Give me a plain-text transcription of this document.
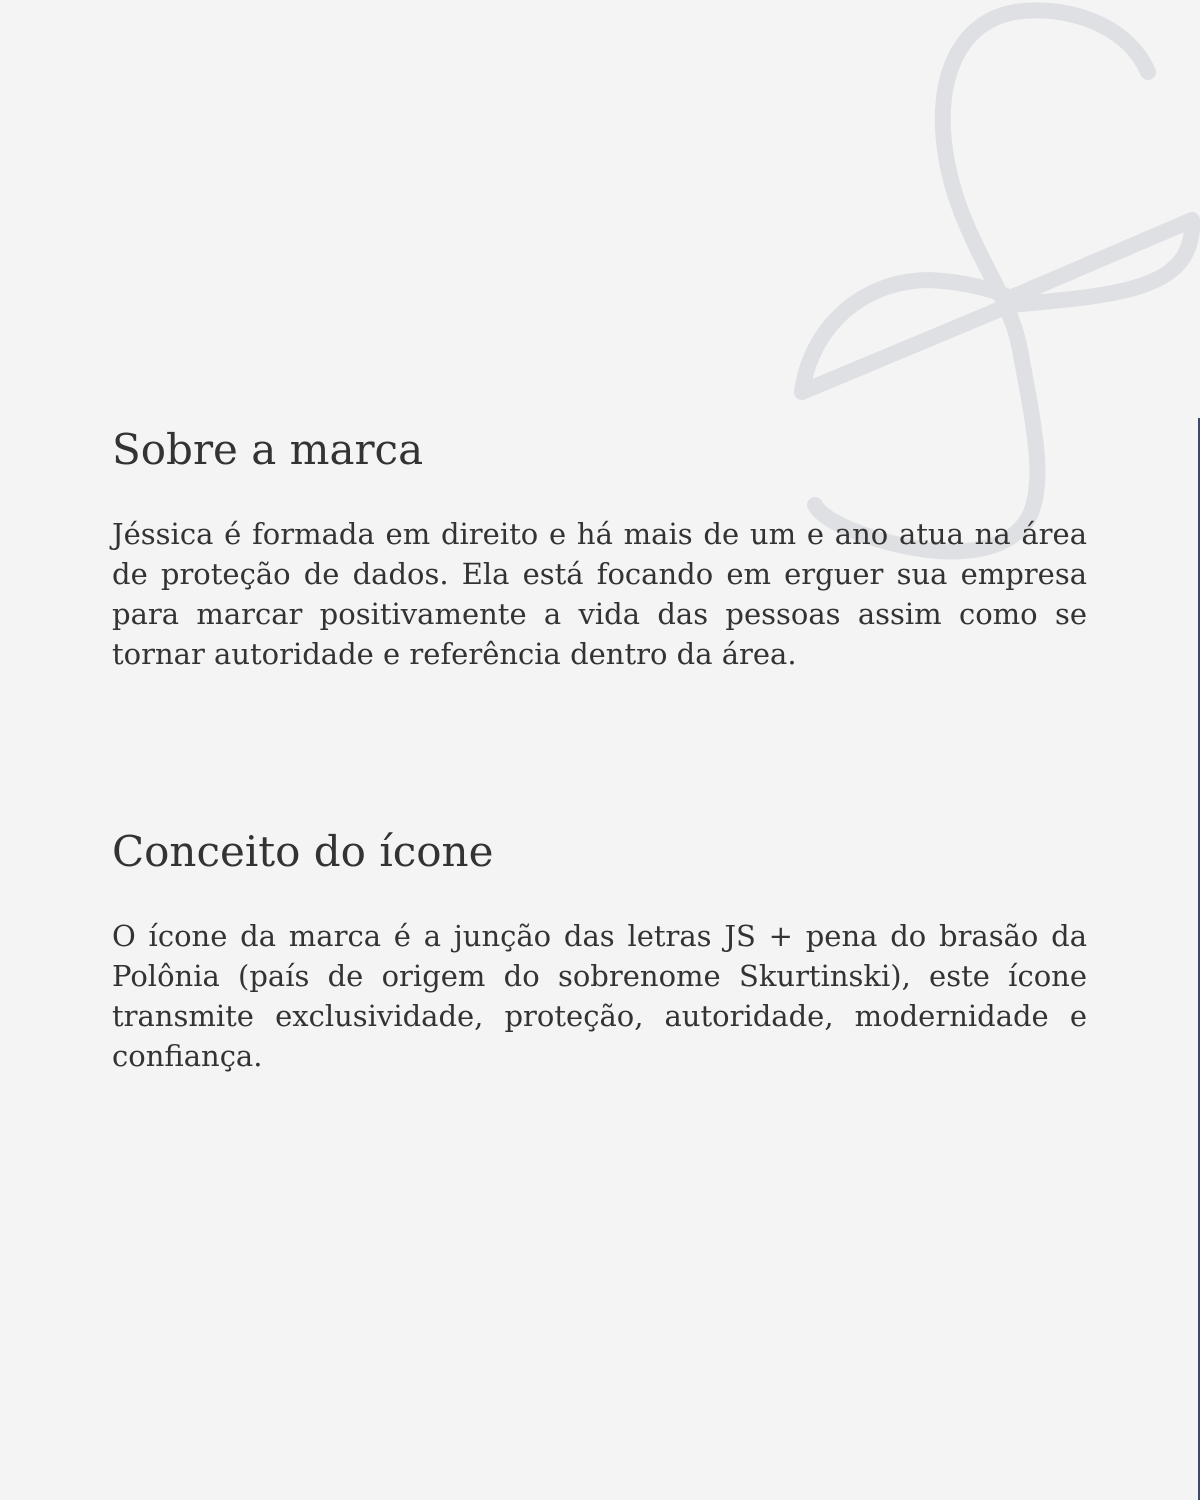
Sobre a marca

Jéssica é formada em direito e há mais de um e ano atua na área de proteção de dados. Ela está focando em erguer sua empresa para marcar positivamente a vida das pessoas assim como se tornar autoridade e referência dentro da área.

Conceito do ícone

O ícone da marca é a junção das letras JS + pena do brasão da Polônia (país de origem do sobrenome Skurtinski), este ícone transmite exclusividade, proteção, autoridade, modernidade e confiança.
